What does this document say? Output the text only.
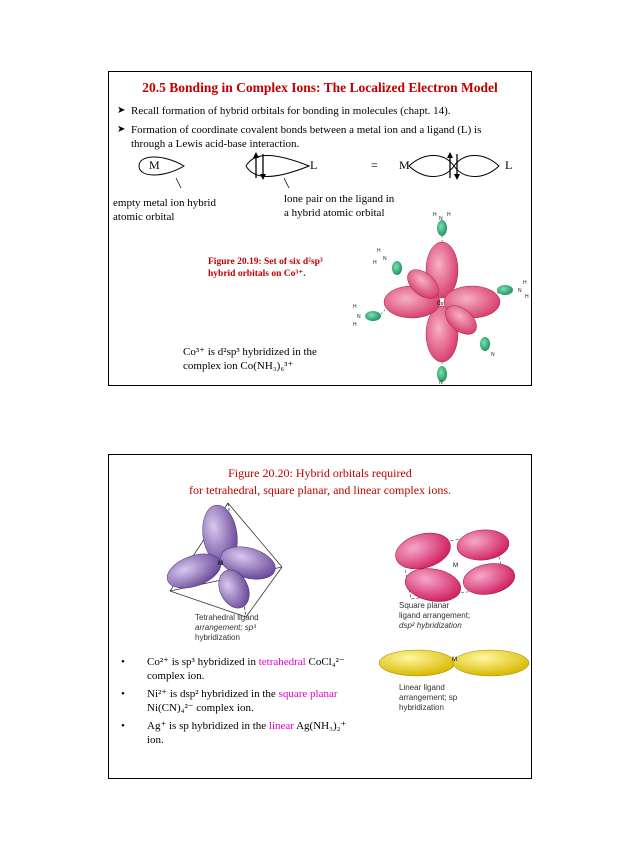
20.5 Bonding in Complex Ions: The Localized Electron Model
➤ Recall formation of hybrid orbitals for bonding in molecules (chapt. 14).
➤ Formation of coordinate covalent bonds between a metal ion and a ligand (L) is
through a Lewis acid-base interaction.
M	L	= M	L
empty metal ion hybrid
atomic orbital
lone pair on the ligand in
a hybrid atomic orbital
Figure 20.19: Set of six d²sp³
hybrid orbitals on Co³⁺.
Co³⁺ is d²sp³ hybridized in the
complex ion Co(NH₃)₆³⁺
Co
N
N
N
N
N
N
H H
H
H
H
H
H
H
Figure 20.20: Hybrid orbitals required
for tetrahedral, square planar, and linear complex ions.
M
Tetrahedral ligand
arrangement; sp³
hybridization
M
M
Square planar
ligand arrangement;
dsp² hybridization
Linear ligand
arrangement; sp
hybridization
• Co²⁺ is sp³ hybridized in tetrahedral CoCl₄²⁻
complex ion.
• Ni²⁺ is dsp² hybridized in the square planar
Ni(CN)₄²⁻ complex ion.
• Ag⁺ is sp hybridized in the linear Ag(NH₃)₂⁺
ion.
